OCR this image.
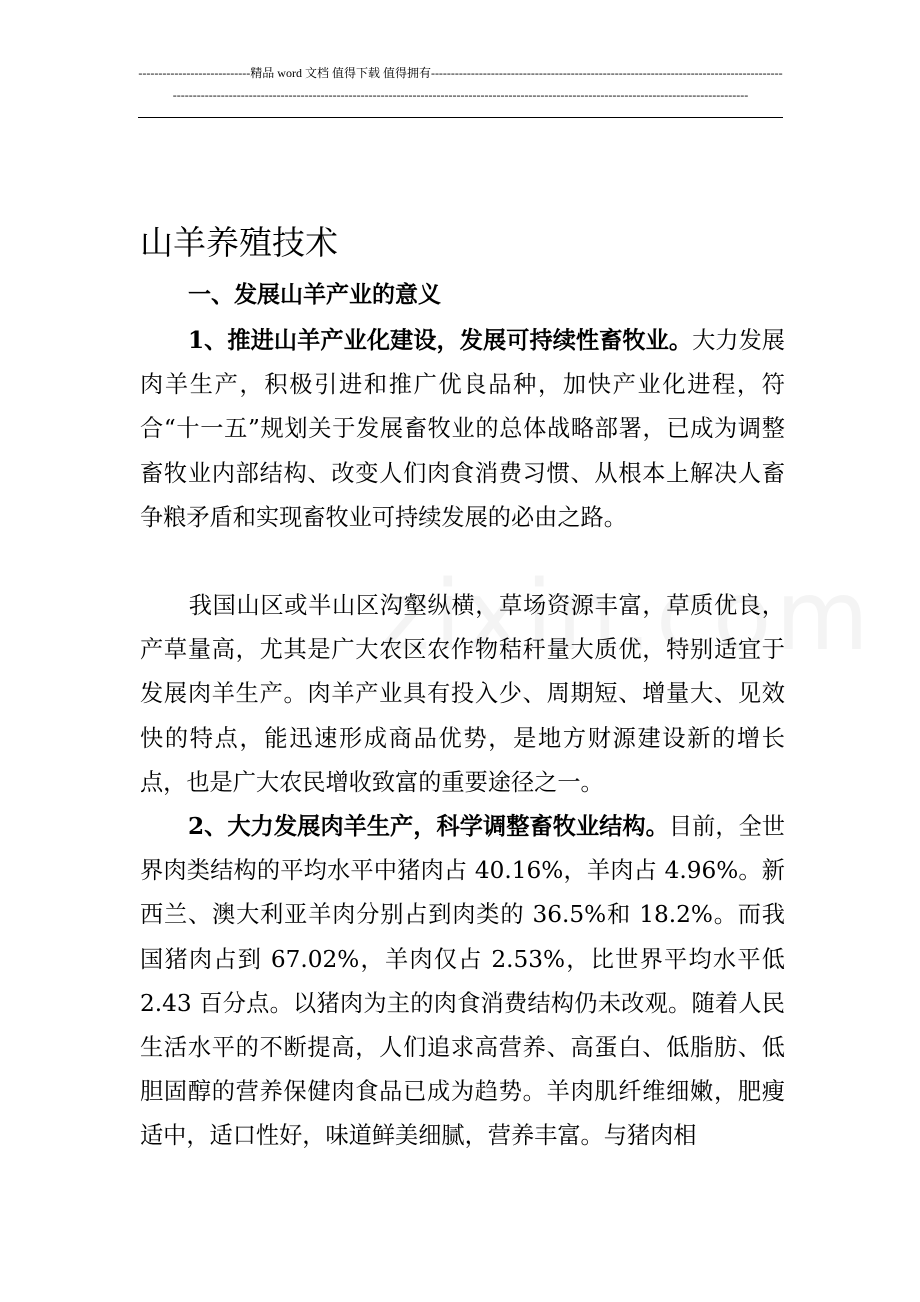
----------------------------精品 word 文档 值得下载 值得拥有----------------------------------------------------------------------------------------------------------------------------------------------------------------------------------------------------------------------------------------
山羊养殖技术
一、发展山羊产业的意义

1、推进山羊产业化建设，发展可持续性畜牧业。大力发展肉羊生产，积极引进和推广优良品种，加快产业化进程，符合“十一五”规划关于发展畜牧业的总体战略部署，已成为调整畜牧业内部结构、改变人们肉食消费习惯、从根本上解决人畜争粮矛盾和实现畜牧业可持续发展的必由之路。

我国山区或半山区沟壑纵横，草场资源丰富，草质优良，产草量高，尤其是广大农区农作物秸秆量大质优，特别适宜于发展肉羊生产。肉羊产业具有投入少、周期短、增量大、见效快的特点，能迅速形成商品优势，是地方财源建设新的增长点，也是广大农民增收致富的重要途径之一。

2、大力发展肉羊生产，科学调整畜牧业结构。目前，全世界肉类结构的平均水平中猪肉占 40.16%，羊肉占 4.96%。新西兰、澳大利亚羊肉分别占到肉类的 36.5%和 18.2%。而我国猪肉占到 67.02%，羊肉仅占 2.53%，比世界平均水平低 2.43 百分点。以猪肉为主的肉食消费结构仍未改观。随着人民生活水平的不断提高，人们追求高营养、高蛋白、低脂肪、低胆固醇的营养保健肉食品已成为趋势。羊肉肌纤维细嫩，肥瘦适中，适口性好，味道鲜美细腻，营养丰富。与猪肉相
